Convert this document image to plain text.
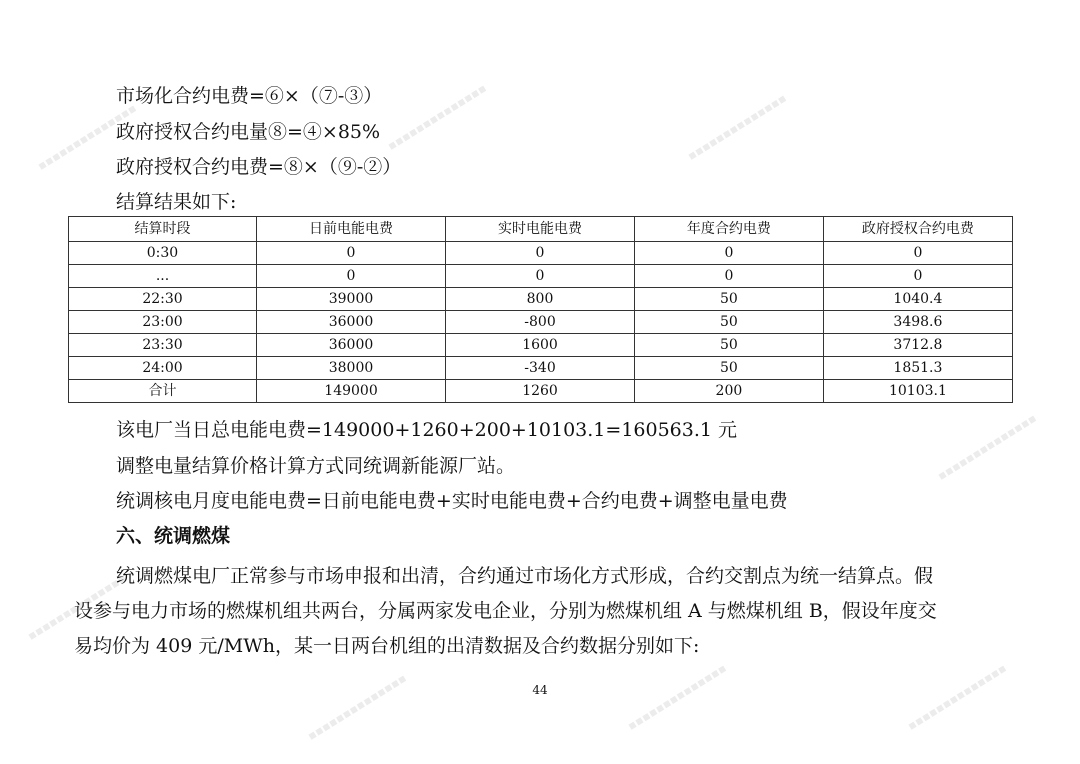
▪▪▪▪▪▪▪▪▪▪▪▪▪▪	▪▪▪▪▪▪▪▪▪▪▪▪▪▪	▪▪▪▪▪▪▪▪▪▪▪▪▪▪
▪▪▪▪▪▪▪▪▪▪▪▪▪▪
▪▪▪▪▪▪▪▪▪▪▪▪▪▪
▪▪▪▪▪▪▪▪▪▪▪▪▪▪	▪▪▪▪▪▪▪▪▪▪▪▪▪▪	▪▪▪▪▪▪▪▪▪▪▪▪▪▪
市场化合约电费=⑥×（⑦-③）
政府授权合约电量⑧=④×85%
政府授权合约电费=⑧×（⑨-②）
结算结果如下:
结算时段	日前电能电费	实时电能电费	年度合约电费	政府授权合约电费
0:30	0	0	0	0
...	0	0	0	0
22:30	39000	800	50	1040.4
23:00	36000	-800	50	3498.6
23:30	36000	1600	50	3712.8
24:00	38000	-340	50	1851.3
合计	149000	1260	200	10103.1
该电厂当日总电能电费=149000+1260+200+10103.1=160563.1 元
调整电量结算价格计算方式同统调新能源厂站。
统调核电月度电能电费=日前电能电费+实时电能电费+合约电费+调整电量电费
六、统调燃煤
统调燃煤电厂正常参与市场申报和出清，合约通过市场化方式形成，合约交割点为统一结算点。假
设参与电力市场的燃煤机组共两台，分属两家发电企业，分别为燃煤机组 A 与燃煤机组 B，假设年度交
易均价为 409 元/MWh，某一日两台机组的出清数据及合约数据分别如下:
44
